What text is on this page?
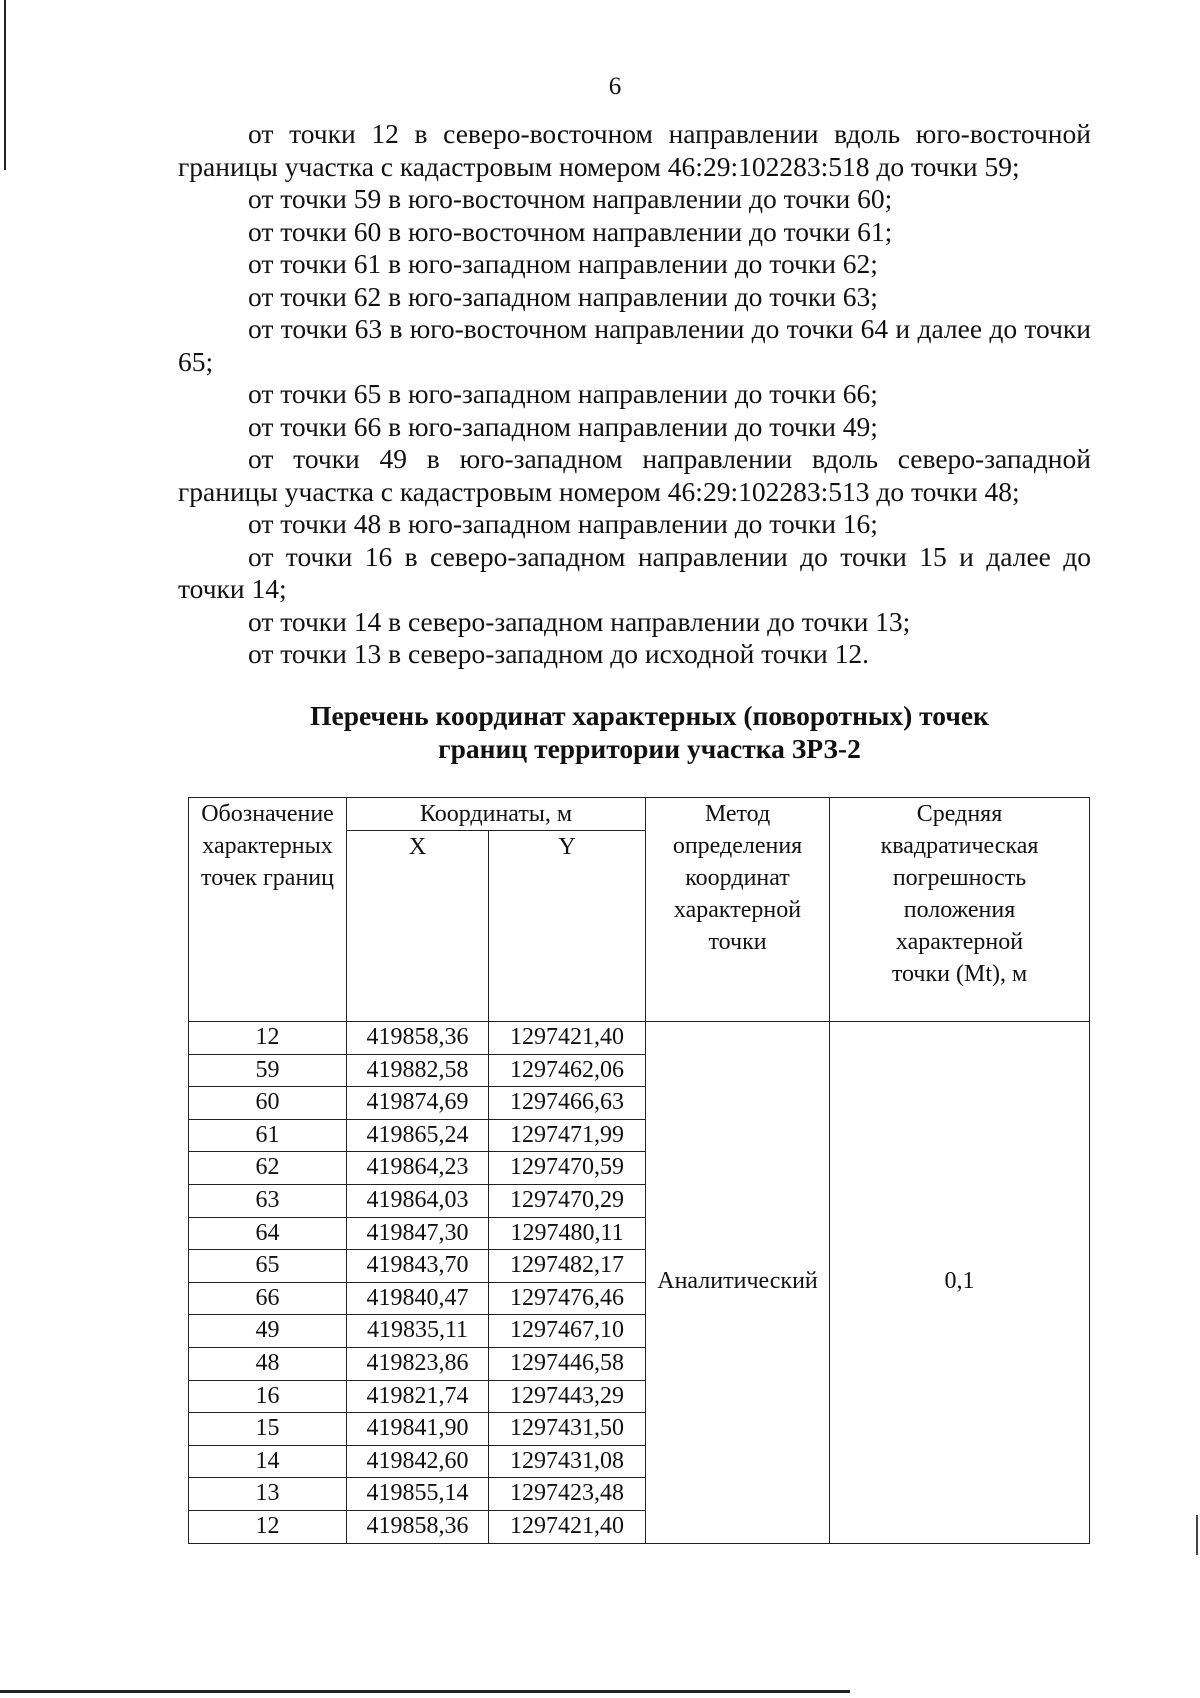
6

от точки 12 в северо-восточном направлении вдоль юго-восточной границы участка с кадастровым номером 46:29:102283:518 до точки 59;

от точки 59 в юго-восточном направлении до точки 60;

от точки 60 в юго-восточном направлении до точки 61;

от точки 61 в юго-западном направлении до точки 62;

от точки 62 в юго-западном направлении до точки 63;

от точки 63 в юго-восточном направлении до точки 64 и далее до точки 65;

от точки 65 в юго-западном направлении до точки 66;

от точки 66 в юго-западном направлении до точки 49;

от точки 49 в юго-западном направлении вдоль северо-западной границы участка с кадастровым номером 46:29:102283:513 до точки 48;

от точки 48 в юго-западном направлении до точки 16;

от точки 16 в северо-западном направлении до точки 15 и далее до точки 14;

от точки 14 в северо-западном направлении до точки 13;

от точки 13 в северо-западном до исходной точки 12.

Перечень координат характерных (поворотных) точек
границ территории участка ЗРЗ-2
Обозначение характерных точек границ	Координаты, м		Метод определения координат характерной точки	Средняя квадратическая погрешность положения характерной точки (Mt), м
	X	Y		
12	419858,36	1297421,40	Аналитический	0,1
59	419882,58	1297462,06		
60	419874,69	1297466,63		
61	419865,24	1297471,99		
62	419864,23	1297470,59		
63	419864,03	1297470,29		
64	419847,30	1297480,11		
65	419843,70	1297482,17		
66	419840,47	1297476,46		
49	419835,11	1297467,10		
48	419823,86	1297446,58		
16	419821,74	1297443,29		
15	419841,90	1297431,50		
14	419842,60	1297431,08		
13	419855,14	1297423,48		
12	419858,36	1297421,40		
